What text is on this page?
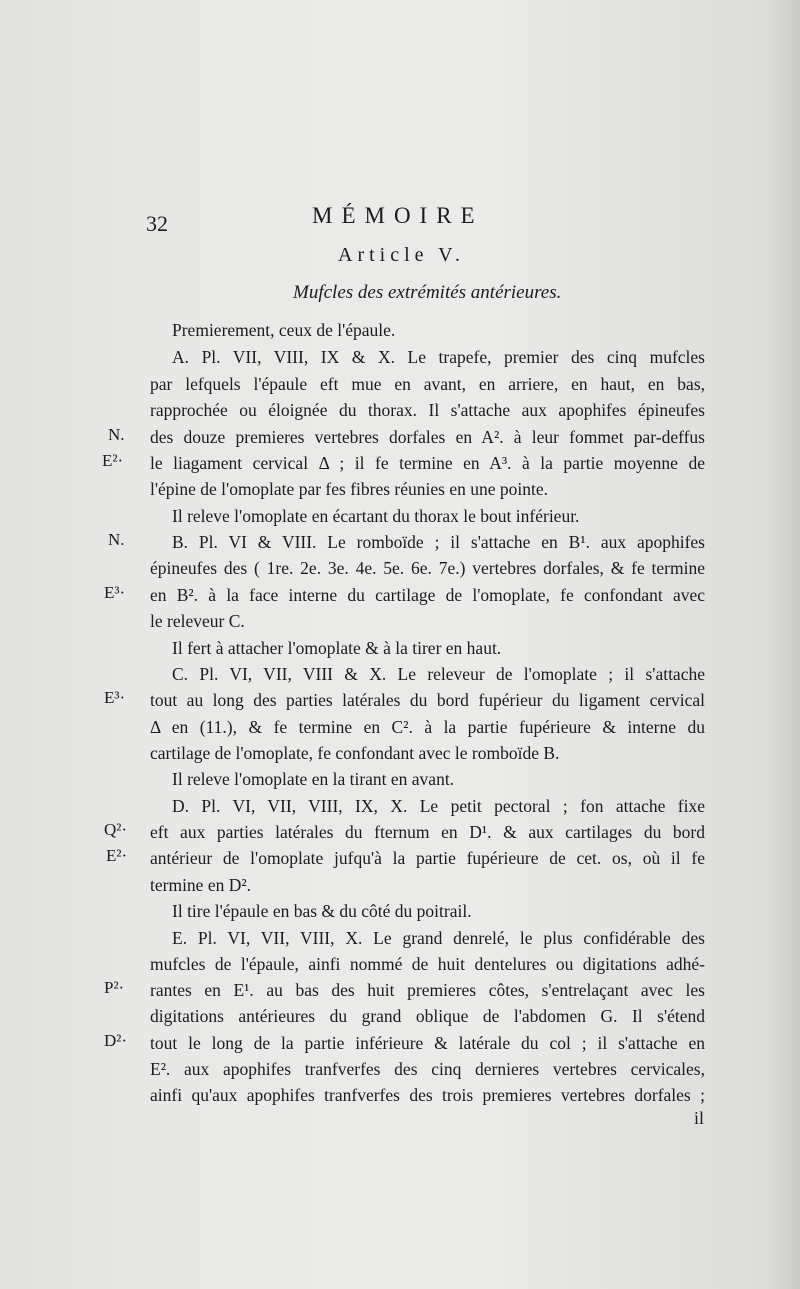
32	MÉMOIRE
Article V.
Mufcles des extrémités antérieures.
Premierement, ceux de l'épaule.
A. Pl. VII, VIII, IX & X. Le trapefe, premier des cinq mufcles
par lefquels l'épaule eft mue en avant, en arriere, en haut, en bas,
rapprochée ou éloignée du thorax. Il s'attache aux apophifes épineufes
des douze premieres vertebres dorfales en A². à leur fommet par-deffus
le liagament cervical Δ ; il fe termine en A³. à la partie moyenne de
l'épine de l'omoplate par fes fibres réunies en une pointe.
Il releve l'omoplate en écartant du thorax le bout inférieur.
B. Pl. VI & VIII. Le romboïde ; il s'attache en B¹. aux apophifes
épineufes des ( 1re. 2e. 3e. 4e. 5e. 6e. 7e.) vertebres dorfales, & fe termine
en B². à la face interne du cartilage de l'omoplate, fe confondant avec
le releveur C.
Il fert à attacher l'omoplate & à la tirer en haut.
C. Pl. VI, VII, VIII & X. Le releveur de l'omoplate ; il s'attache
tout au long des parties latérales du bord fupérieur du ligament cervical
Δ en (11.), & fe termine en C². à la partie fupérieure & interne du
cartilage de l'omoplate, fe confondant avec le romboïde B.
Il releve l'omoplate en la tirant en avant.
D. Pl. VI, VII, VIII, IX, X. Le petit pectoral ; fon attache fixe
eft aux parties latérales du fternum en D¹. & aux cartilages du bord
antérieur de l'omoplate jufqu'à la partie fupérieure de cet. os, où il fe
termine en D².
Il tire l'épaule en bas & du côté du poitrail.
E. Pl. VI, VII, VIII, X. Le grand denrelé, le plus confidérable des
mufcles de l'épaule, ainfi nommé de huit dentelures ou digitations adhé-
rantes en E¹. au bas des huit premieres côtes, s'entrelaçant avec les
digitations antérieures du grand oblique de l'abdomen G. Il s'étend
tout le long de la partie inférieure & latérale du col ; il s'attache en
E². aux apophifes tranfverfes des cinq dernieres vertebres cervicales,
ainfi qu'aux apophifes tranfverfes des trois premieres vertebres dorfales ;
N.
E²·
N.
E³·
E³·
Q²·
E²·
P²·
D²·
il
